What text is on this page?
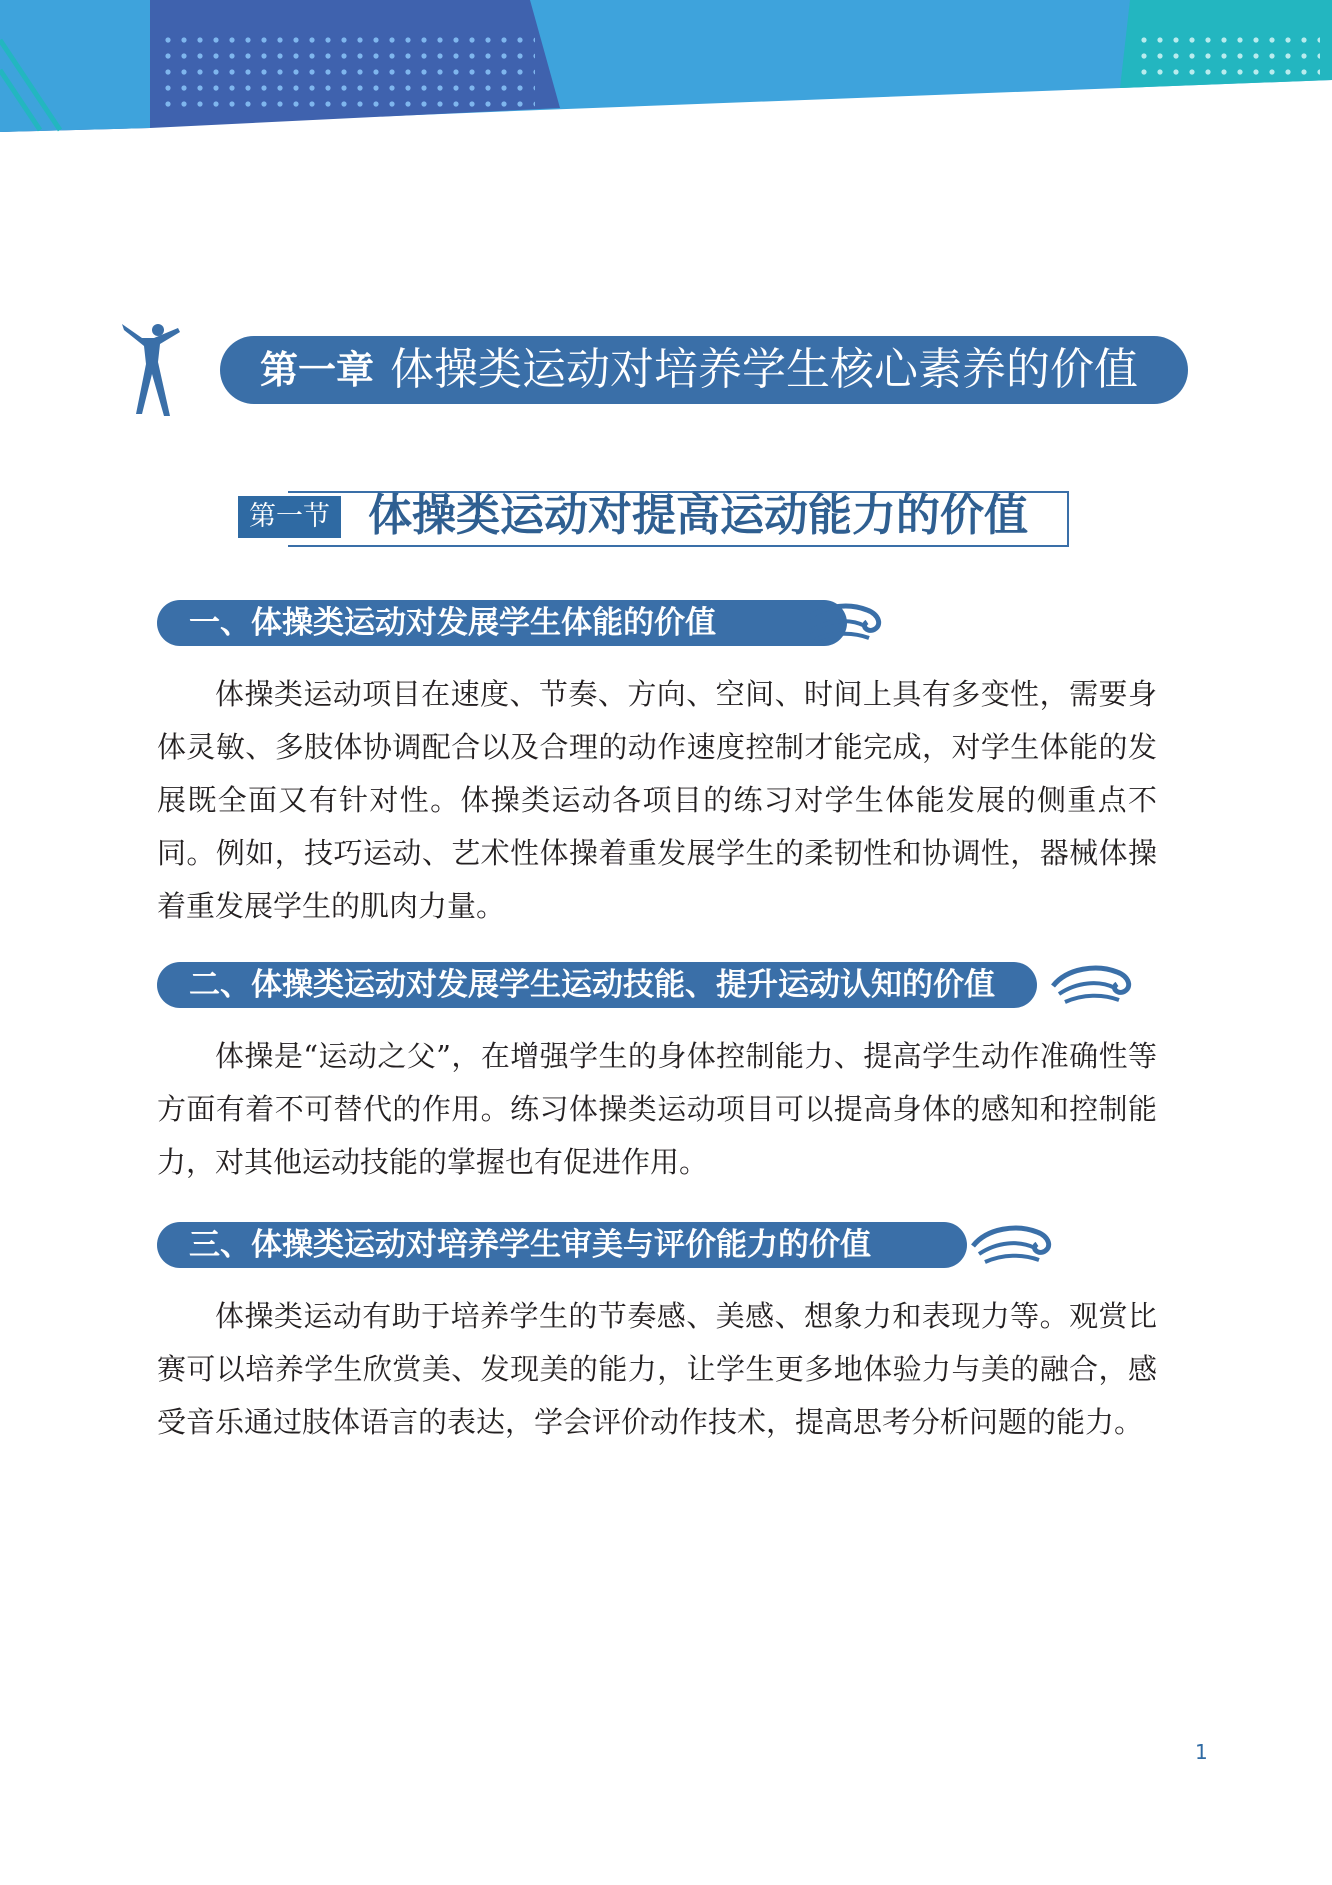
第一章 体操类运动对培养学生核心素养的价值
第一节 体操类运动对提高运动能力的价值
一、体操类运动对发展学生体能的价值

体操类运动项目在速度、节奏、方向、空间、时间上具有多变性，需要身体灵敏、多肢体协调配合以及合理的动作速度控制才能完成，对学生体能的发展既全面又有针对性。体操类运动各项目的练习对学生体能发展的侧重点不同。例如，技巧运动、艺术性体操着重发展学生的柔韧性和协调性，器械体操着重发展学生的肌肉力量。

二、体操类运动对发展学生运动技能、提升运动认知的价值

体操是“运动之父”，在增强学生的身体控制能力、提高学生动作准确性等方面有着不可替代的作用。练习体操类运动项目可以提高身体的感知和控制能力，对其他运动技能的掌握也有促进作用。

三、体操类运动对培养学生审美与评价能力的价值

体操类运动有助于培养学生的节奏感、美感、想象力和表现力等。观赏比赛可以培养学生欣赏美、发现美的能力，让学生更多地体验力与美的融合，感受音乐通过肢体语言的表达，学会评价动作技术，提高思考分析问题的能力。

1
